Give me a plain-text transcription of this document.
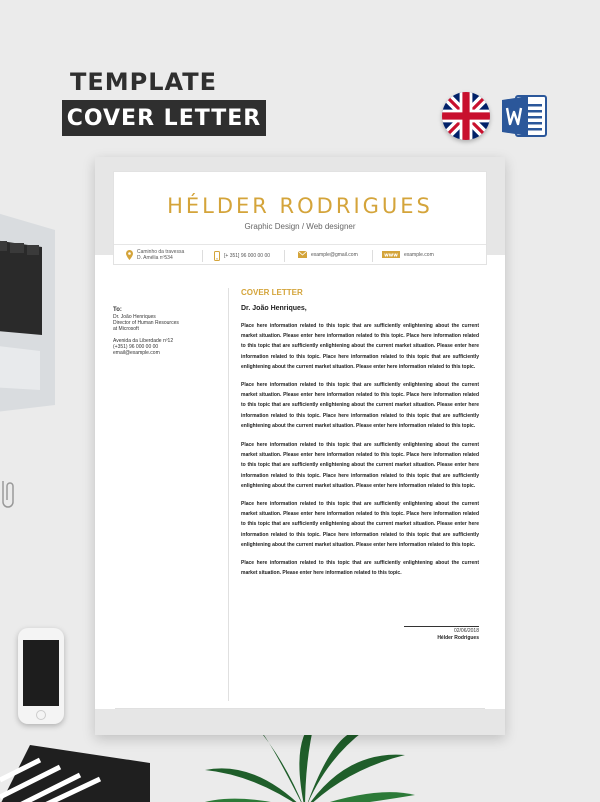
TEMPLATE
COVER LETTER
HÉLDER RODRIGUES
Graphic Design / Web designer
Caminho da travessa
D. Amélia nº534	[+ 351] 96 000 00 00	example@gmail.com	www example.com
To:
Dr. João Henriques
Director of Human Resources
at Microsoft
Avenida da Liberdade nº12
(+351) 96 000 00 00
email@example.com
COVER LETTER
Dr. João Henriques,
Place here information related to this topic that are sufficiently enlightening about the current market situation. Please enter here information related to this topic. Place here information related to this topic that are sufficiently enlightening about the current market situation. Please enter here information related to this topic. Place here information related to this topic that are sufficiently enlightening about the current market situation. Please enter here information related to this topic.
Place here information related to this topic that are sufficiently enlightening about the current market situation. Please enter here information related to this topic. Place here information related to this topic that are sufficiently enlightening about the current market situation. Please enter here information related to this topic. Place here information related to this topic that are sufficiently enlightening about the current market situation. Please enter here information related to this topic.
Place here information related to this topic that are sufficiently enlightening about the current market situation. Please enter here information related to this topic. Place here information related to this topic that are sufficiently enlightening about the current market situation. Please enter here information related to this topic. Place here information related to this topic that are sufficiently enlightening about the current market situation. Please enter here information related to this topic.
Place here information related to this topic that are sufficiently enlightening about the current market situation. Please enter here information related to this topic. Place here information related to this topic that are sufficiently enlightening about the current market situation. Please enter here information related to this topic. Place here information related to this topic that are sufficiently enlightening about the current market situation. Please enter here information related to this topic.
Place here information related to this topic that are sufficiently enlightening about the current market situation. Please enter here information related to this topic.
02/06/2018
Hélder Rodrigues
